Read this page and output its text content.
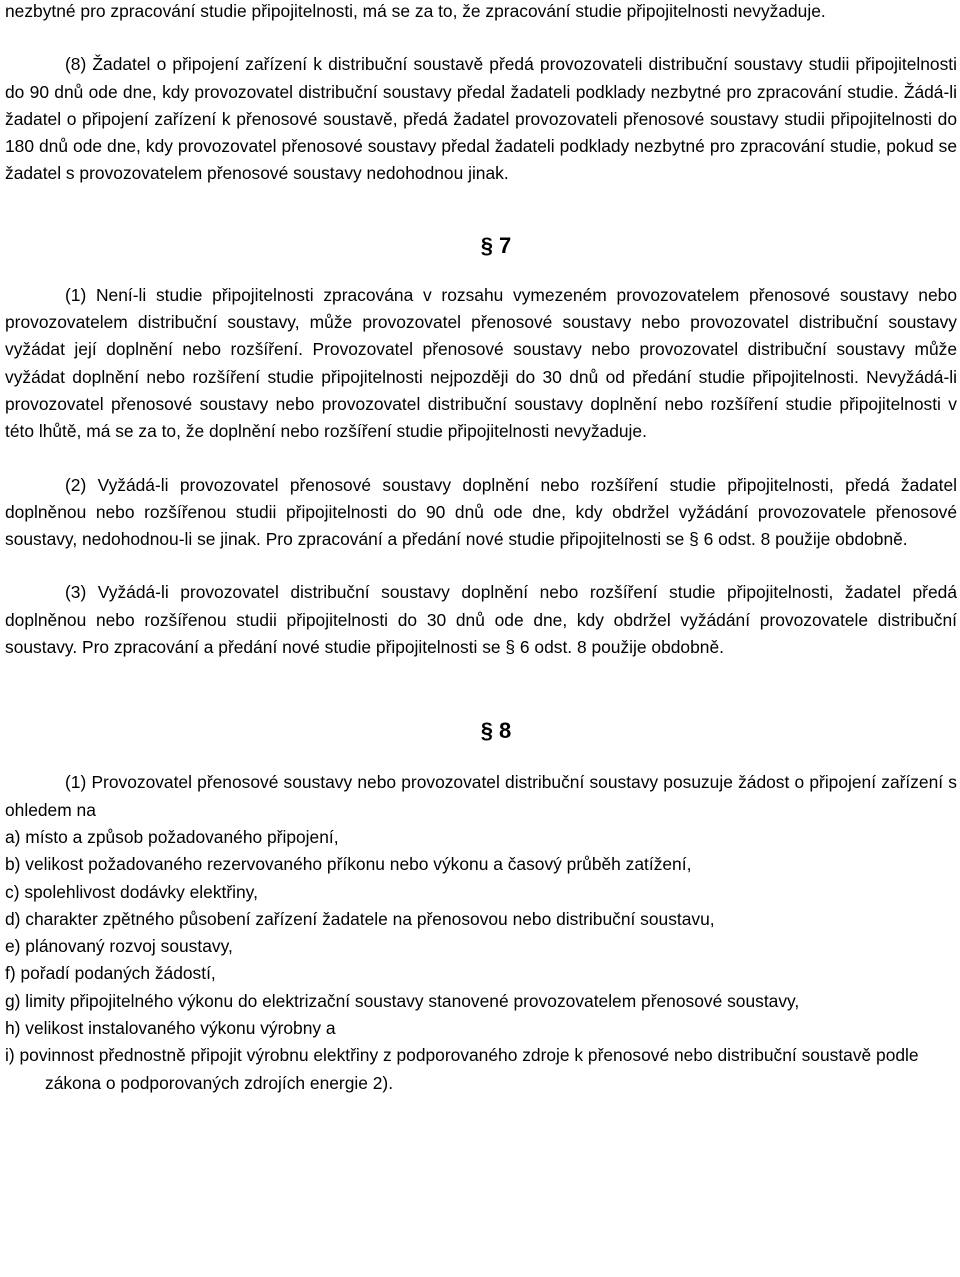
nezbytné pro zpracování studie připojitelnosti, má se za to, že zpracování studie připojitelnosti nevyžaduje.

(8) Žadatel o připojení zařízení k distribuční soustavě předá provozovateli distribuční soustavy studii připojitelnosti do 90 dnů ode dne, kdy provozovatel distribuční soustavy předal žadateli podklady nezbytné pro zpracování studie. Žádá-li žadatel o připojení zařízení k přenosové soustavě, předá žadatel provozovateli přenosové soustavy studii připojitelnosti do 180 dnů ode dne, kdy provozovatel přenosové soustavy předal žadateli podklady nezbytné pro zpracování studie, pokud se žadatel s provozovatelem přenosové soustavy nedohodnou jinak.

§ 7

(1) Není-li studie připojitelnosti zpracována v rozsahu vymezeném provozovatelem přenosové soustavy nebo provozovatelem distribuční soustavy, může provozovatel přenosové soustavy nebo provozovatel distribuční soustavy vyžádat její doplnění nebo rozšíření. Provozovatel přenosové soustavy nebo provozovatel distribuční soustavy může vyžádat doplnění nebo rozšíření studie připojitelnosti nejpozději do 30 dnů od předání studie připojitelnosti. Nevyžádá-li provozovatel přenosové soustavy nebo provozovatel distribuční soustavy doplnění nebo rozšíření studie připojitelnosti v této lhůtě, má se za to, že doplnění nebo rozšíření studie připojitelnosti nevyžaduje.

(2) Vyžádá-li provozovatel přenosové soustavy doplnění nebo rozšíření studie připojitelnosti, předá žadatel doplněnou nebo rozšířenou studii připojitelnosti do 90 dnů ode dne, kdy obdržel vyžádání provozovatele přenosové soustavy, nedohodnou-li se jinak. Pro zpracování a předání nové studie připojitelnosti se § 6 odst. 8 použije obdobně.

(3) Vyžádá-li provozovatel distribuční soustavy doplnění nebo rozšíření studie připojitelnosti, žadatel předá doplněnou nebo rozšířenou studii připojitelnosti do 30 dnů ode dne, kdy obdržel vyžádání provozovatele distribuční soustavy. Pro zpracování a předání nové studie připojitelnosti se § 6 odst. 8 použije obdobně.

§ 8

(1) Provozovatel přenosové soustavy nebo provozovatel distribuční soustavy posuzuje žádost o připojení zařízení s ohledem na

a) místo a způsob požadovaného připojení,
b) velikost požadovaného rezervovaného příkonu nebo výkonu a časový průběh zatížení,
c) spolehlivost dodávky elektřiny,
d) charakter zpětného působení zařízení žadatele na přenosovou nebo distribuční soustavu,
e) plánovaný rozvoj soustavy,
f) pořadí podaných žádostí,
g) limity připojitelného výkonu do elektrizační soustavy stanovené provozovatelem přenosové soustavy,
h) velikost instalovaného výkonu výrobny a
i) povinnost přednostně připojit výrobnu elektřiny z podporovaného zdroje k přenosové nebo distribuční soustavě podle zákona o podporovaných zdrojích energie 2).
